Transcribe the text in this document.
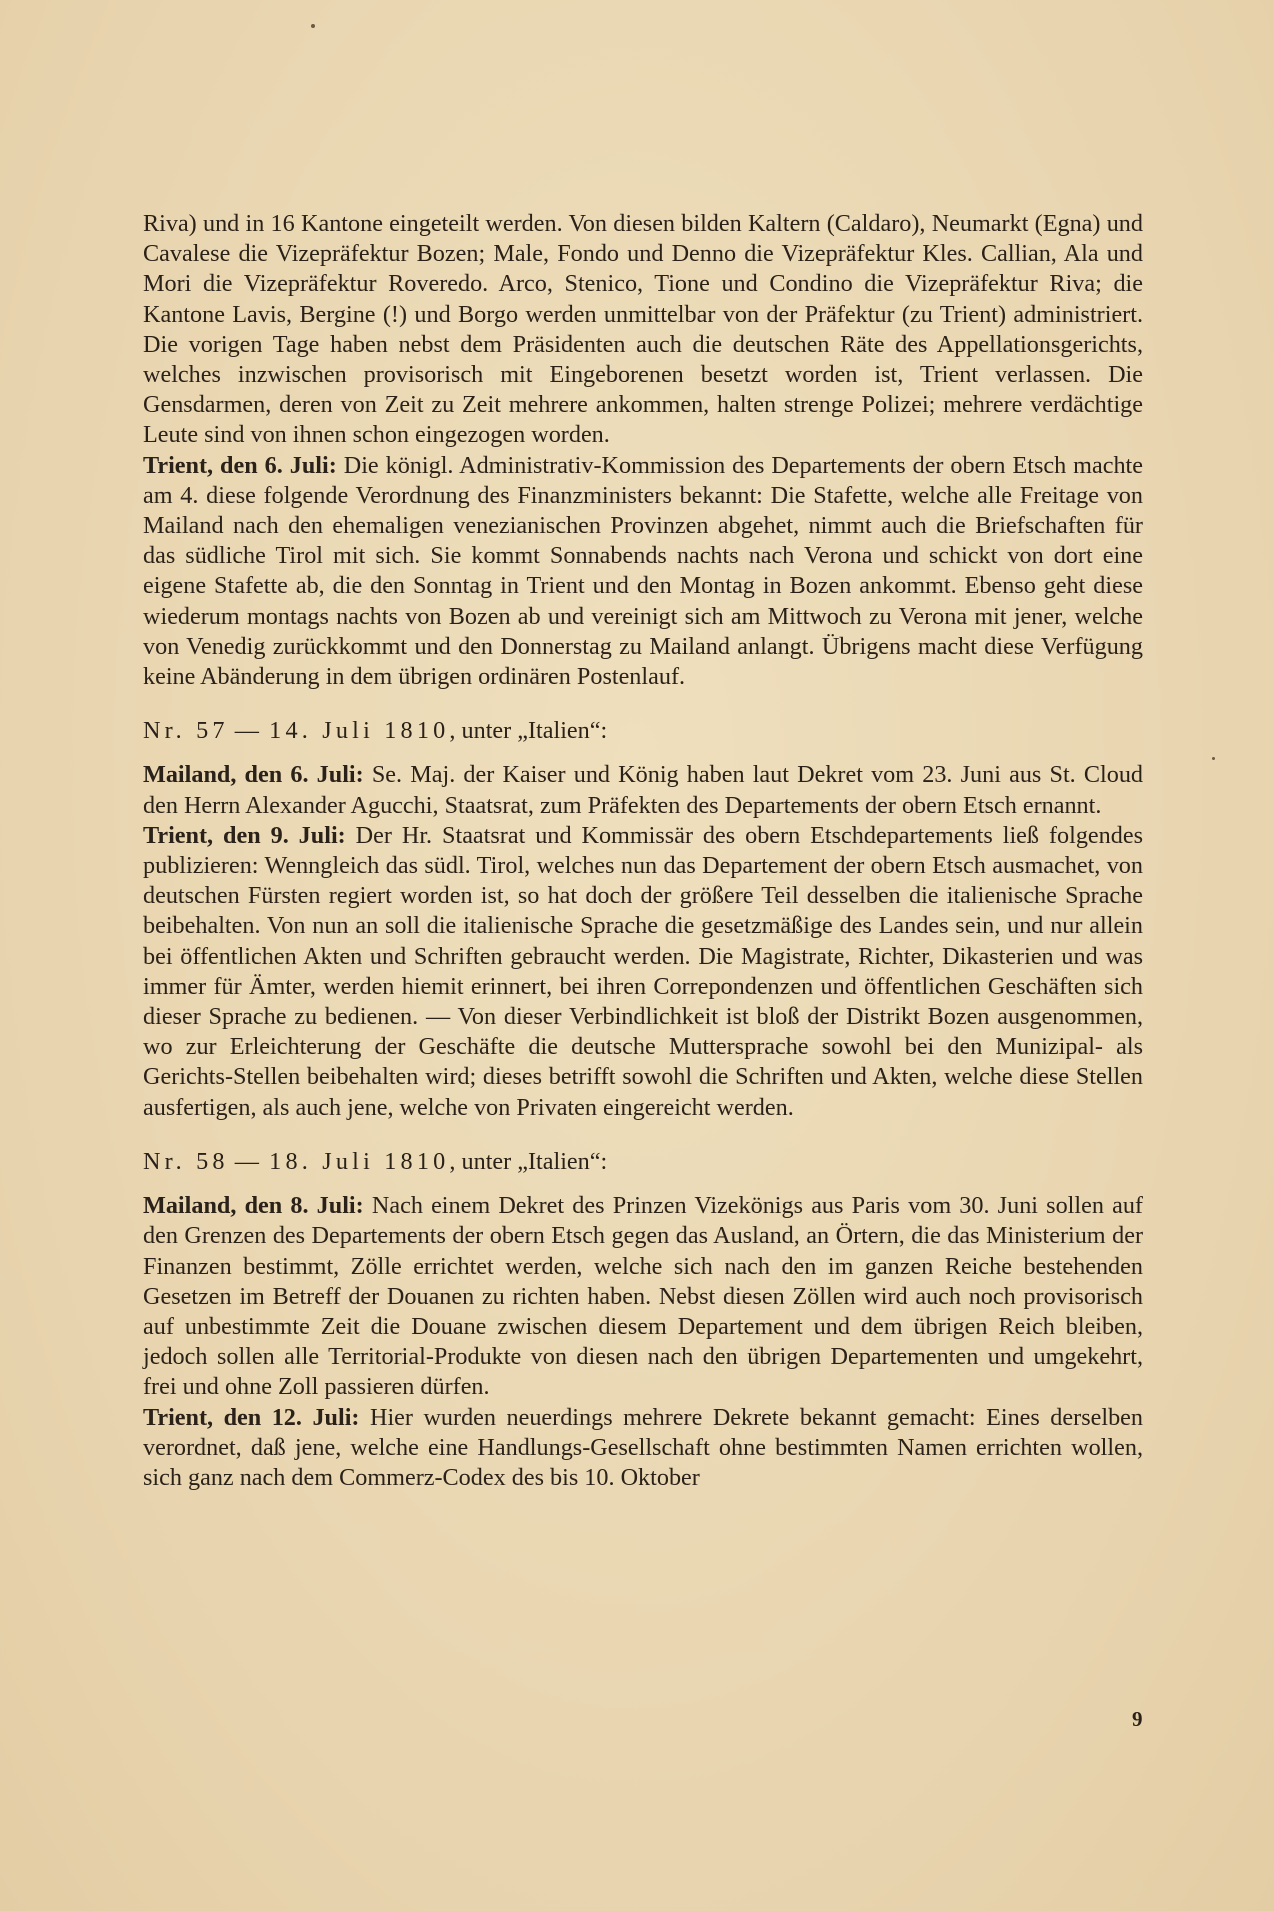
Riva) und in 16 Kantone eingeteilt werden. Von diesen bilden Kaltern (Caldaro), Neumarkt (Egna) und Cavalese die Vizepräfektur Bozen; Male, Fondo und Denno die Vizepräfektur Kles. Callian, Ala und Mori die Vizepräfektur Roveredo. Arco, Stenico, Tione und Condino die Vizepräfektur Riva; die Kantone Lavis, Bergine (!) und Borgo werden unmittelbar von der Präfektur (zu Trient) administriert. Die vorigen Tage haben nebst dem Präsidenten auch die deutschen Räte des Appellationsgerichts, welches inzwischen provisorisch mit Eingeborenen besetzt worden ist, Trient verlassen. Die Gensdarmen, deren von Zeit zu Zeit mehrere ankommen, halten strenge Polizei; mehrere verdächtige Leute sind von ihnen schon eingezogen worden.

Trient, den 6. Juli: Die königl. Administrativ-Kommission des Departements der obern Etsch machte am 4. diese folgende Verordnung des Finanzministers bekannt: Die Stafette, welche alle Freitage von Mailand nach den ehemaligen venezianischen Provinzen abgehet, nimmt auch die Briefschaften für das südliche Tirol mit sich. Sie kommt Sonnabends nachts nach Verona und schickt von dort eine eigene Stafette ab, die den Sonntag in Trient und den Montag in Bozen ankommt. Ebenso geht diese wiederum montags nachts von Bozen ab und vereinigt sich am Mittwoch zu Verona mit jener, welche von Venedig zurückkommt und den Donnerstag zu Mailand anlangt. Übrigens macht diese Verfügung keine Abänderung in dem übrigen ordinären Postenlauf.

Nr. 57 — 14. Juli 1810, unter „Italien“:

Mailand, den 6. Juli: Se. Maj. der Kaiser und König haben laut Dekret vom 23. Juni aus St. Cloud den Herrn Alexander Agucchi, Staatsrat, zum Präfekten des Departements der obern Etsch ernannt.

Trient, den 9. Juli: Der Hr. Staatsrat und Kommissär des obern Etschdepartements ließ folgendes publizieren: Wenngleich das südl. Tirol, welches nun das Departement der obern Etsch ausmachet, von deutschen Fürsten regiert worden ist, so hat doch der größere Teil desselben die italienische Sprache beibehalten. Von nun an soll die italienische Sprache die gesetzmäßige des Landes sein, und nur allein bei öffentlichen Akten und Schriften gebraucht werden. Die Magistrate, Richter, Dikasterien und was immer für Ämter, werden hiemit erinnert, bei ihren Correpondenzen und öffentlichen Geschäften sich dieser Sprache zu bedienen. — Von dieser Verbindlichkeit ist bloß der Distrikt Bozen ausgenommen, wo zur Erleichterung der Geschäfte die deutsche Muttersprache sowohl bei den Munizipal- als Gerichts-Stellen beibehalten wird; dieses betrifft sowohl die Schriften und Akten, welche diese Stellen ausfertigen, als auch jene, welche von Privaten eingereicht werden.

Nr. 58 — 18. Juli 1810, unter „Italien“:

Mailand, den 8. Juli: Nach einem Dekret des Prinzen Vizekönigs aus Paris vom 30. Juni sollen auf den Grenzen des Departements der obern Etsch gegen das Ausland, an Örtern, die das Ministerium der Finanzen bestimmt, Zölle errichtet werden, welche sich nach den im ganzen Reiche bestehenden Gesetzen im Betreff der Douanen zu richten haben. Nebst diesen Zöllen wird auch noch provisorisch auf unbestimmte Zeit die Douane zwischen diesem Departement und dem übrigen Reich bleiben, jedoch sollen alle Territorial-Produkte von diesen nach den übrigen Departementen und umgekehrt, frei und ohne Zoll passieren dürfen.

Trient, den 12. Juli: Hier wurden neuerdings mehrere Dekrete bekannt gemacht: Eines derselben verordnet, daß jene, welche eine Handlungs-Gesellschaft ohne bestimmten Namen errichten wollen, sich ganz nach dem Commerz-Codex des bis 10. Oktober

9
